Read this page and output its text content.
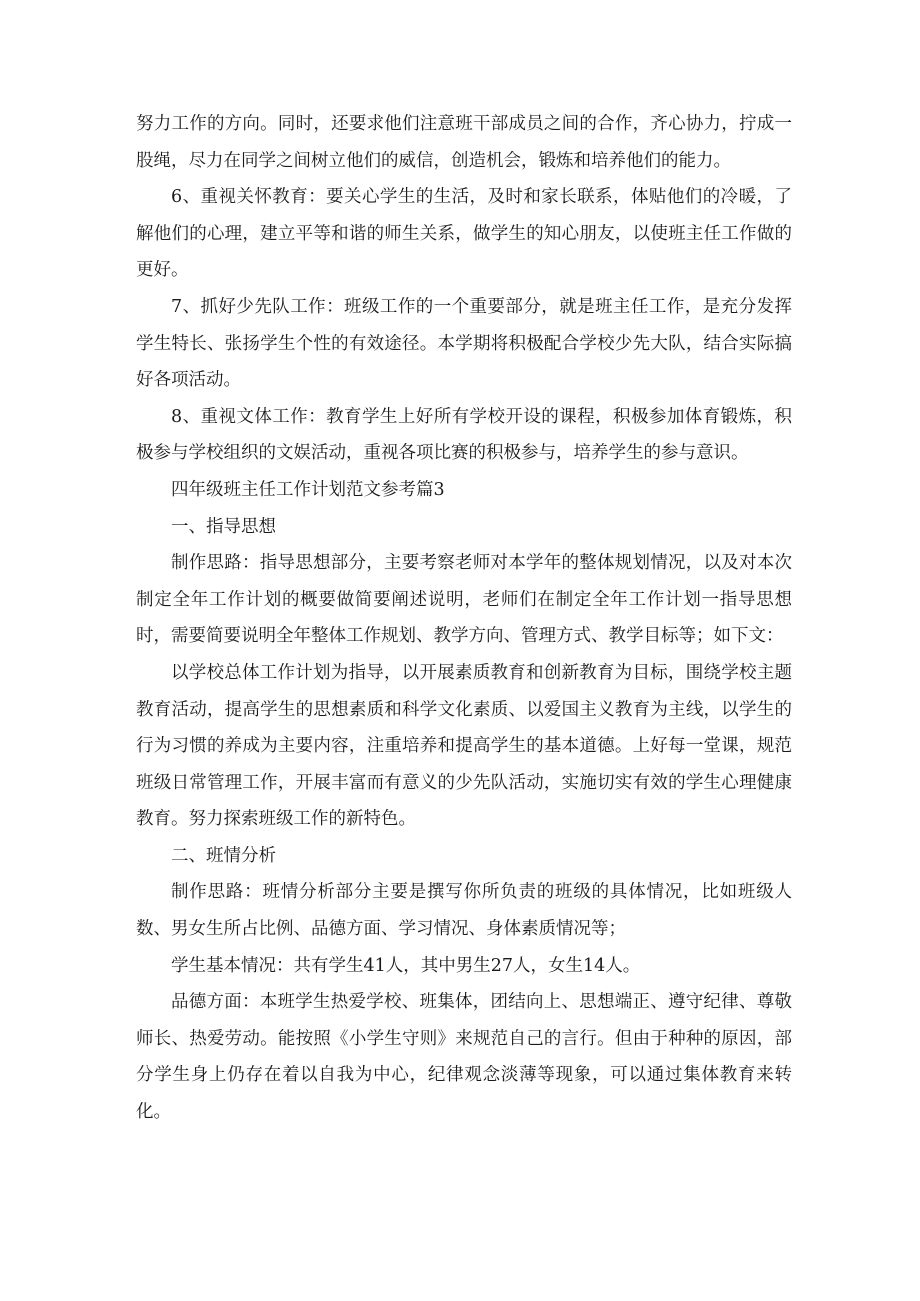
努力工作的方向。同时，还要求他们注意班干部成员之间的合作，齐心协力，拧成一股绳，尽力在同学之间树立他们的威信，创造机会，锻炼和培养他们的能力。

6、重视关怀教育：要关心学生的生活，及时和家长联系，体贴他们的冷暖，了解他们的心理，建立平等和谐的师生关系，做学生的知心朋友，以使班主任工作做的更好。

7、抓好少先队工作：班级工作的一个重要部分，就是班主任工作，是充分发挥学生特长、张扬学生个性的有效途径。本学期将积极配合学校少先大队，结合实际搞好各项活动。

8、重视文体工作：教育学生上好所有学校开设的课程，积极参加体育锻炼，积极参与学校组织的文娱活动，重视各项比赛的积极参与，培养学生的参与意识。

四年级班主任工作计划范文参考篇3

一、指导思想

制作思路：指导思想部分，主要考察老师对本学年的整体规划情况，以及对本次制定全年工作计划的概要做简要阐述说明，老师们在制定全年工作计划一指导思想时，需要简要说明全年整体工作规划、教学方向、管理方式、教学目标等；如下文：

以学校总体工作计划为指导，以开展素质教育和创新教育为目标，围绕学校主题教育活动，提高学生的思想素质和科学文化素质、以爱国主义教育为主线，以学生的行为习惯的养成为主要内容，注重培养和提高学生的基本道德。上好每一堂课，规范班级日常管理工作，开展丰富而有意义的少先队活动，实施切实有效的学生心理健康教育。努力探索班级工作的新特色。

二、班情分析

制作思路：班情分析部分主要是撰写你所负责的班级的具体情况，比如班级人数、男女生所占比例、品德方面、学习情况、身体素质情况等；

学生基本情况：共有学生41人，其中男生27人，女生14人。

品德方面：本班学生热爱学校、班集体，团结向上、思想端正、遵守纪律、尊敬师长、热爱劳动。能按照《小学生守则》来规范自己的言行。但由于种种的原因，部分学生身上仍存在着以自我为中心，纪律观念淡薄等现象，可以通过集体教育来转化。
